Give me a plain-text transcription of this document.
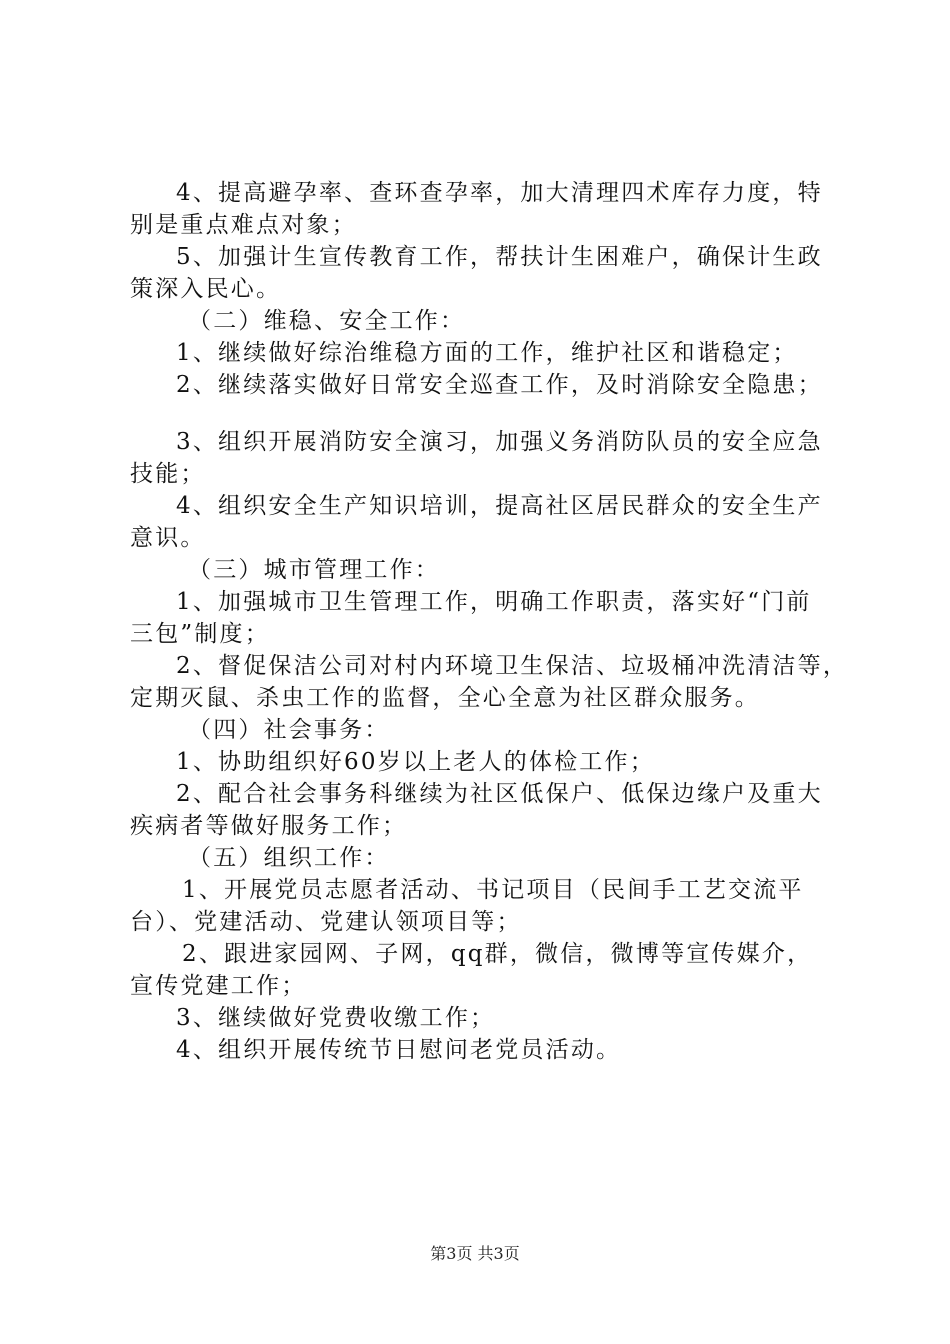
4、提高避孕率、查环查孕率，加大清理四术库存力度，特
别是重点难点对象；
5、加强计生宣传教育工作，帮扶计生困难户，确保计生政
策深入民心。
（二）维稳、安全工作：
1、继续做好综治维稳方面的工作，维护社区和谐稳定；
2、继续落实做好日常安全巡查工作，及时消除安全隐患；
3、组织开展消防安全演习，加强义务消防队员的安全应急
技能；
4、组织安全生产知识培训，提高社区居民群众的安全生产
意识。
（三）城市管理工作：
1、加强城市卫生管理工作，明确工作职责，落实好“门前
三包”制度；
2、督促保洁公司对村内环境卫生保洁、垃圾桶冲洗清洁等，
定期灭鼠、杀虫工作的监督，全心全意为社区群众服务。
（四）社会事务：
1、协助组织好60岁以上老人的体检工作；
2、配合社会事务科继续为社区低保户、低保边缘户及重大
疾病者等做好服务工作；
（五）组织工作：
1、开展党员志愿者活动、书记项目（民间手工艺交流平
台）、党建活动、党建认领项目等；
2、跟进家园网、子网，qq群，微信，微博等宣传媒介，
宣传党建工作；
3、继续做好党费收缴工作；
4、组织开展传统节日慰问老党员活动。
第3页 共3页
